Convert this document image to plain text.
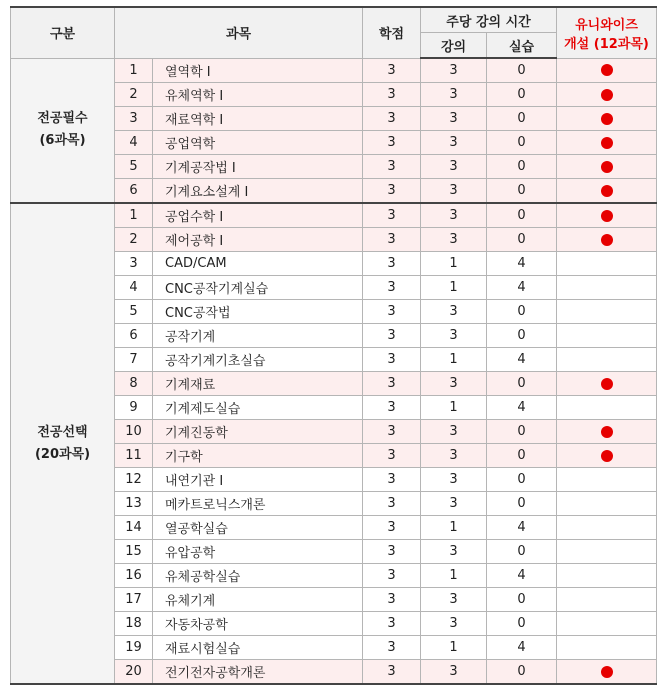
구분	과목		학점	주당 강의 시간		유니와이즈
개설 (12과목)

				강의	실습	

전공필수
(6과목)	1	열역학 I	3	3	0	
	2	유체역학 I	3	3	0	
	3	재료역학 I	3	3	0	
	4	공업역학	3	3	0	
	5	기계공작법 I	3	3	0	
	6	기계요소설계 I	3	3	0	

전공선택
(20과목)	1	공업수학 I	3	3	0	
	2	제어공학 I	3	3	0	
	3	CAD/CAM	3	1	4	
	4	CNC공작기계실습	3	1	4	
	5	CNC공작법	3	3	0	
	6	공작기계	3	3	0	
	7	공작기계기초실습	3	1	4	
	8	기계재료	3	3	0	
	9	기계제도실습	3	1	4	
	10	기계진동학	3	3	0	
	11	기구학	3	3	0	
	12	내연기관 I	3	3	0	
	13	메카트로닉스개론	3	3	0	
	14	열공학실습	3	1	4	
	15	유압공학	3	3	0	
	16	유체공학실습	3	1	4	
	17	유체기계	3	3	0	
	18	자동차공학	3	3	0	
	19	재료시험실습	3	1	4	
	20	전기전자공학개론	3	3	0	
